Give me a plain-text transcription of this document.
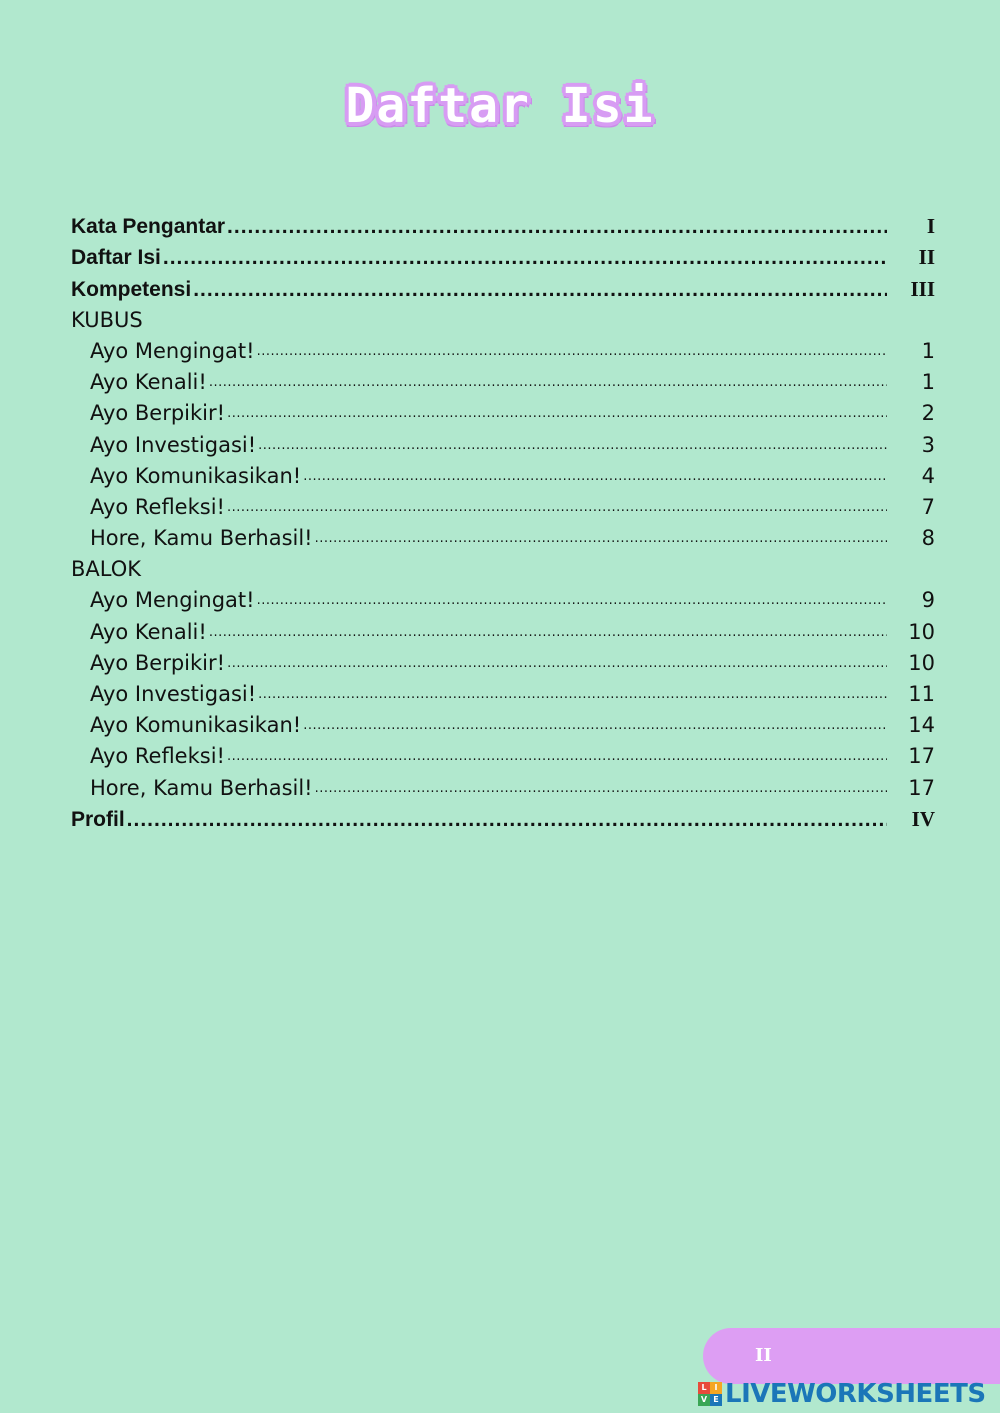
Daftar Isi
Kata Pengantar .....	I
Daftar Isi .....	II
Kompetensi .....	III
KUBUS
Ayo Mengingat! .....	1
Ayo Kenali! .....	1
Ayo Berpikir! .....	2
Ayo Investigasi! .....	3
Ayo Komunikasikan! .....	4
Ayo Refleksi! .....	7
Hore, Kamu Berhasil! .....	8
BALOK
Ayo Mengingat! .....	9
Ayo Kenali! .....	10
Ayo Berpikir! .....	10
Ayo Investigasi! .....	11
Ayo Komunikasikan! .....	14
Ayo Refleksi! .....	17
Hore, Kamu Berhasil! .....	17
Profil .....	IV
II
L I
V E LIVEWORKSHEETS
